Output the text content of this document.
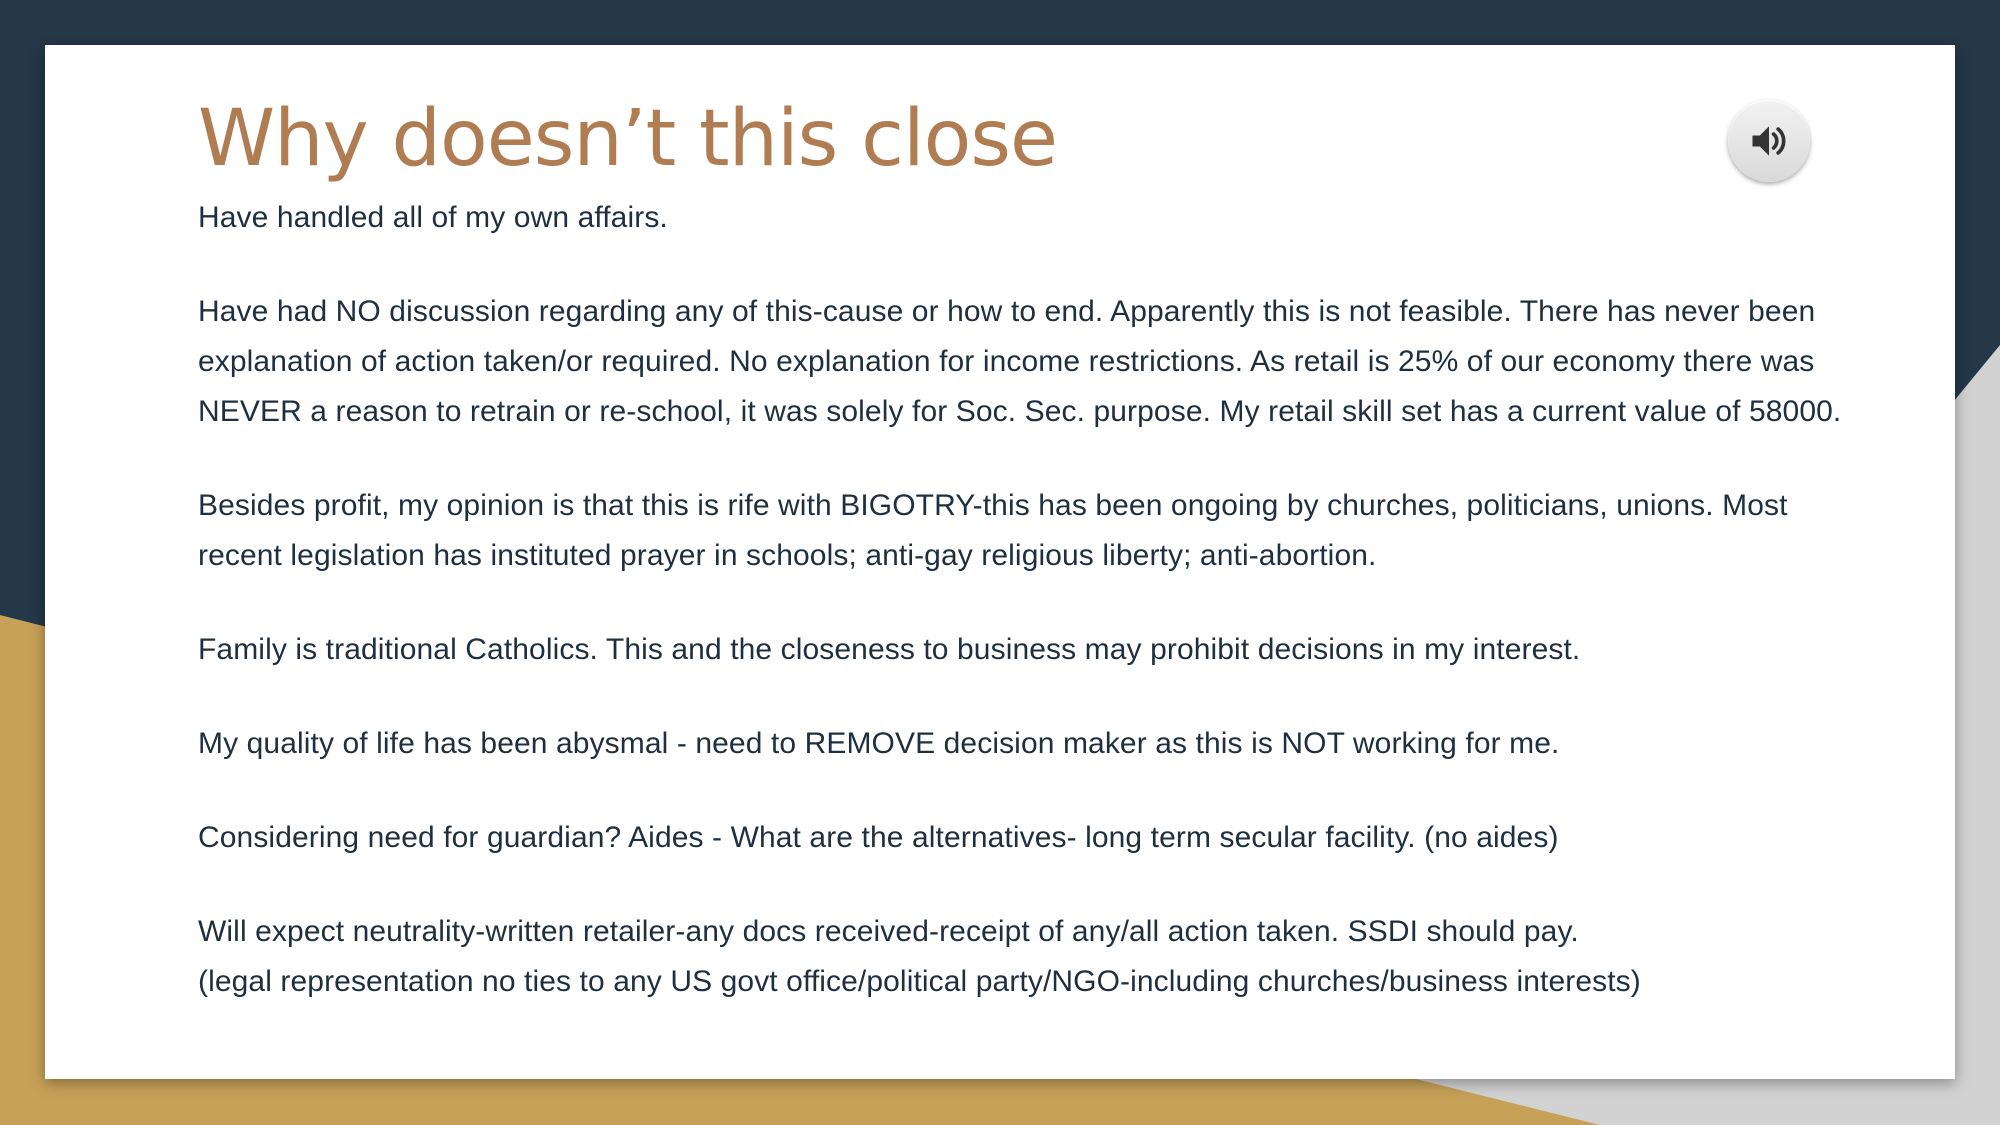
Why doesn’t this close

Have handled all of my own affairs.

Have had NO discussion regarding any of this-cause or how to end. Apparently this is not feasible. There has never been explanation of action taken/or required. No explanation for income restrictions. As retail is 25% of our economy there was NEVER a reason to retrain or re-school, it was solely for Soc. Sec. purpose. My retail skill set has a current value of 58000.

Besides profit, my opinion is that this is rife with BIGOTRY-this has been ongoing by churches, politicians, unions. Most recent legislation has instituted prayer in schools; anti-gay religious liberty; anti-abortion.

Family is traditional Catholics. This and the closeness to business may prohibit decisions in my interest.

My quality of life has been abysmal - need to REMOVE decision maker as this is NOT working for me.

Considering need for guardian? Aides - What are the alternatives- long term secular facility. (no aides)

Will expect neutrality-written retailer-any docs received-receipt of any/all action taken. SSDI should pay.
(legal representation no ties to any US govt office/political party/NGO-including churches/business interests)
